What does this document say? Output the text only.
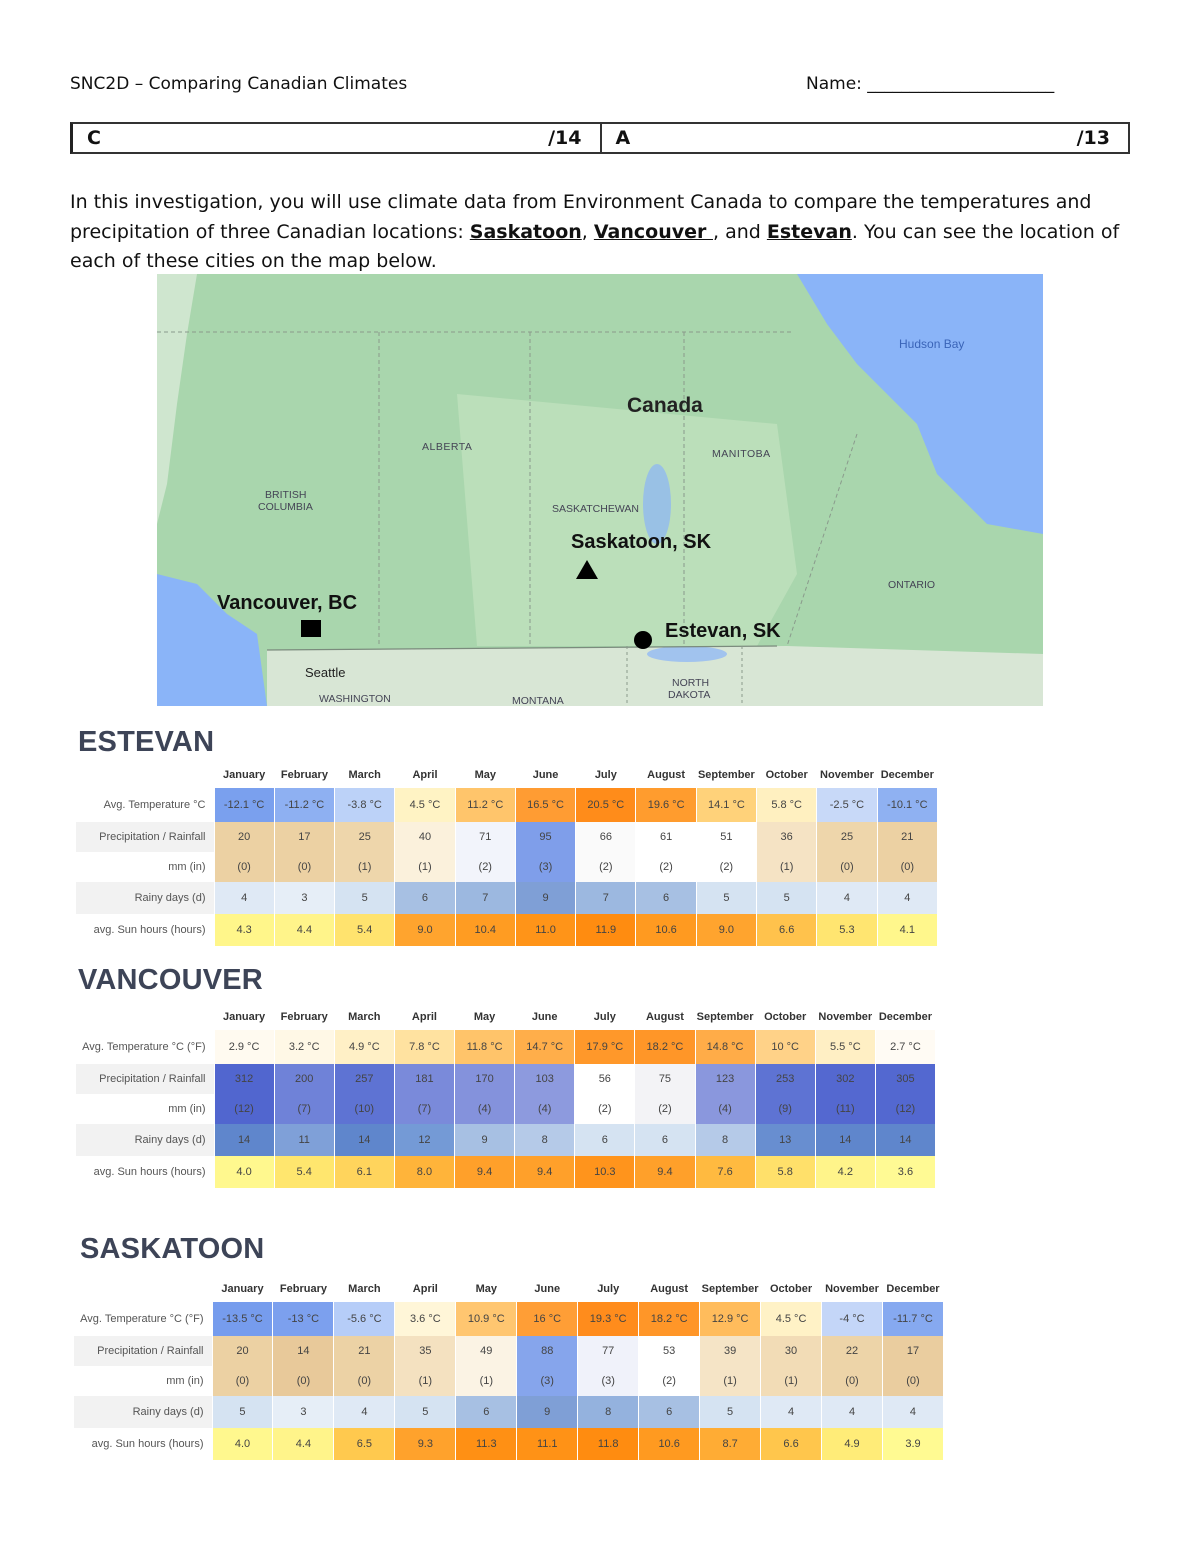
SNC2D – Comparing Canadian Climates	Name: ______________________
C	/14 A	/13

In this investigation, you will use climate data from Environment Canada to compare the temperatures and precipitation of three Canadian locations: Saskatoon, Vancouver , and Estevan. You can see the location of each of these cities on the map below.

Hudson Bay
Canada
ALBERTA
MANITOBA
BRITISH
COLUMBIA	SASKATCHEWAN
ONTARIO
Seattle
WASHINGTON	MONTANA
NORTH
DAKOTA
Saskatoon, SK
Vancouver, BC
Estevan, SK
ESTEVAN
	January	February	March	April	May	June	July	August	September	October	November	December
Avg. Temperature °C	-12.1 °C	-11.2 °C	-3.8 °C	4.5 °C	11.2 °C	16.5 °C	20.5 °C	19.6 °C	14.1 °C	5.8 °C	-2.5 °C	-10.1 °C
Precipitation / Rainfall	20	17	25	40	71	95	66	61	51	36	25	21
mm (in)	(0)	(0)	(1)	(1)	(2)	(3)	(2)	(2)	(2)	(1)	(0)	(0)
Rainy days (d)	4	3	5	6	7	9	7	6	5	5	4	4
avg. Sun hours (hours)	4.3	4.4	5.4	9.0	10.4	11.0	11.9	10.6	9.0	6.6	5.3	4.1
VANCOUVER
	January	February	March	April	May	June	July	August	September	October	November	December
Avg. Temperature °C (°F)	2.9 °C	3.2 °C	4.9 °C	7.8 °C	11.8 °C	14.7 °C	17.9 °C	18.2 °C	14.8 °C	10 °C	5.5 °C	2.7 °C
Precipitation / Rainfall	312	200	257	181	170	103	56	75	123	253	302	305
mm (in)	(12)	(7)	(10)	(7)	(4)	(4)	(2)	(2)	(4)	(9)	(11)	(12)
Rainy days (d)	14	11	14	12	9	8	6	6	8	13	14	14
avg. Sun hours (hours)	4.0	5.4	6.1	8.0	9.4	9.4	10.3	9.4	7.6	5.8	4.2	3.6
SASKATOON
	January	February	March	April	May	June	July	August	September	October	November	December
Avg. Temperature °C (°F)	-13.5 °C	-13 °C	-5.6 °C	3.6 °C	10.9 °C	16 °C	19.3 °C	18.2 °C	12.9 °C	4.5 °C	-4 °C	-11.7 °C
Precipitation / Rainfall	20	14	21	35	49	88	77	53	39	30	22	17
mm (in)	(0)	(0)	(0)	(1)	(1)	(3)	(3)	(2)	(1)	(1)	(0)	(0)
Rainy days (d)	5	3	4	5	6	9	8	6	5	4	4	4
avg. Sun hours (hours)	4.0	4.4	6.5	9.3	11.3	11.1	11.8	10.6	8.7	6.6	4.9	3.9
